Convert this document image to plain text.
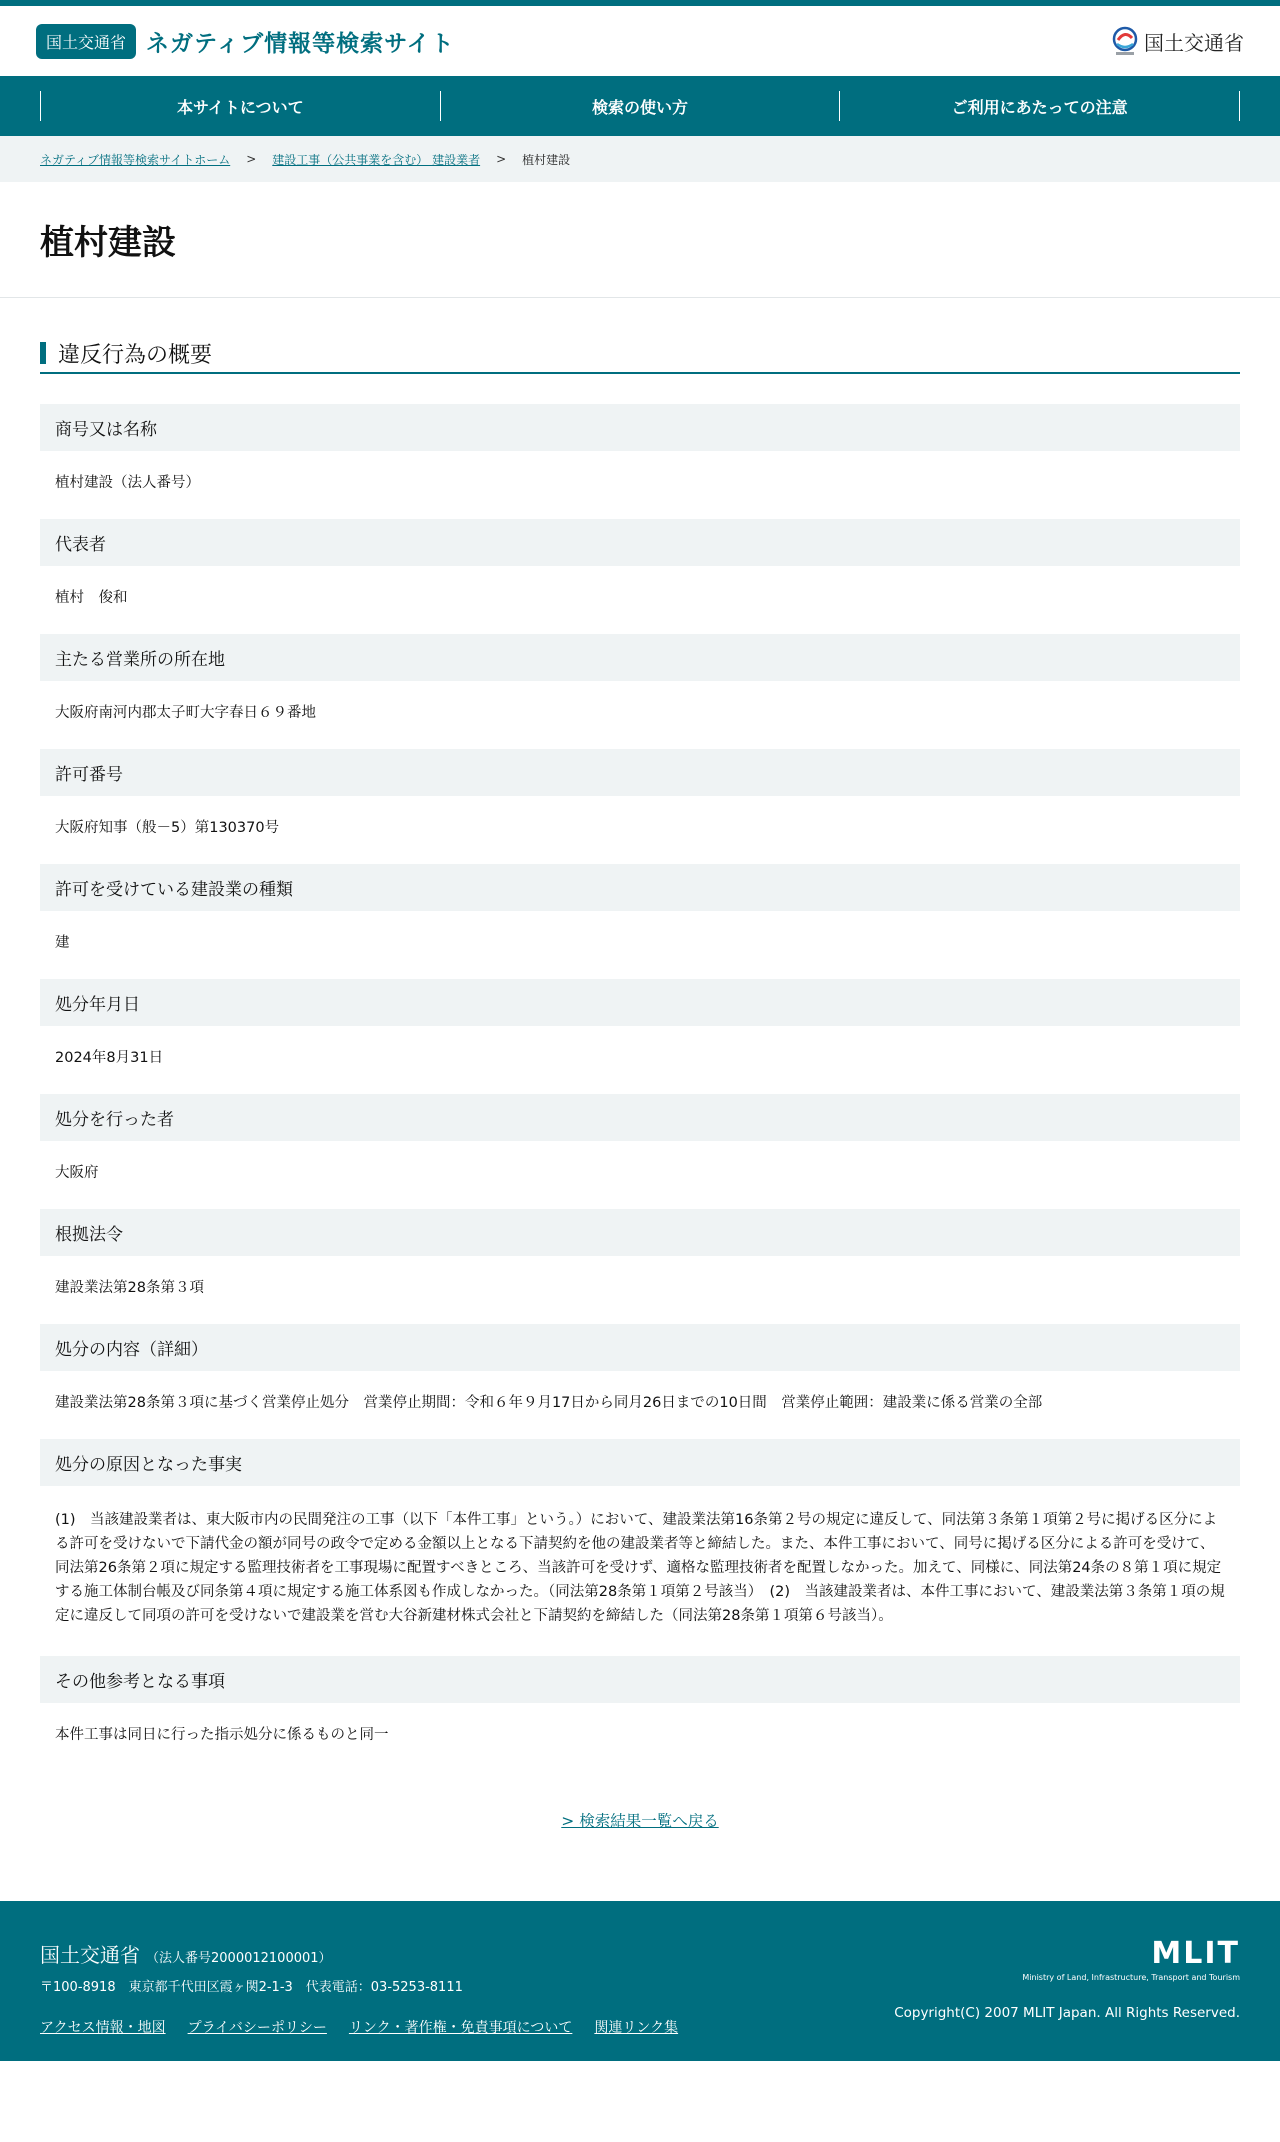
国土交通省 ネガティブ情報等検索サイト	国土交通省
本サイトについて	検索の使い方	ご利用にあたっての注意
ネガティブ情報等検索サイトホーム > 建設工事（公共事業を含む） 建設業者 > 植村建設
植村建設
違反行為の概要
商号又は名称
植村建設（法人番号）
代表者
植村　俊和
主たる営業所の所在地
大阪府南河内郡太子町大字春日６９番地
許可番号
大阪府知事（般－5）第130370号
許可を受けている建設業の種類
建
処分年月日
2024年8月31日
処分を行った者
大阪府
根拠法令
建設業法第28条第３項
処分の内容（詳細）
建設業法第28条第３項に基づく営業停止処分　営業停止期間：令和６年９月17日から同月26日までの10日間　営業停止範囲：建設業に係る営業の全部
処分の原因となった事実
(1)　当該建設業者は、東大阪市内の民間発注の工事（以下「本件工事」という。）において、建設業法第16条第２号の規定に違反して、同法第３条第１項第２号に掲げる区分による許可を受けないで下請代金の額が同号の政令で定める金額以上となる下請契約を他の建設業者等と締結した。また、本件工事において、同号に掲げる区分による許可を受けて、同法第26条第２項に規定する監理技術者を工事現場に配置すべきところ、当該許可を受けず、適格な監理技術者を配置しなかった。加えて、同様に、同法第24条の８第１項に規定する施工体制台帳及び同条第４項に規定する施工体系図も作成しなかった。（同法第28条第１項第２号該当）　(2)　当該建設業者は、本件工事において、建設業法第３条第１項の規定に違反して同項の許可を受けないで建設業を営む大谷新建材株式会社と下請契約を締結した（同法第28条第１項第６号該当）。
その他参考となる事項
本件工事は同日に行った指示処分に係るものと同一
> 検索結果一覧へ戻る
国土交通省 （法人番号2000012100001）
〒100-8918　東京都千代田区霞ヶ関2-1-3　代表電話：03-5253-8111
アクセス情報・地図 プライバシーポリシー リンク・著作権・免責事項について 関連リンク集
MLIT
Ministry of Land, Infrastructure, Transport and Tourism
Copyright(C) 2007 MLIT Japan. All Rights Reserved.
